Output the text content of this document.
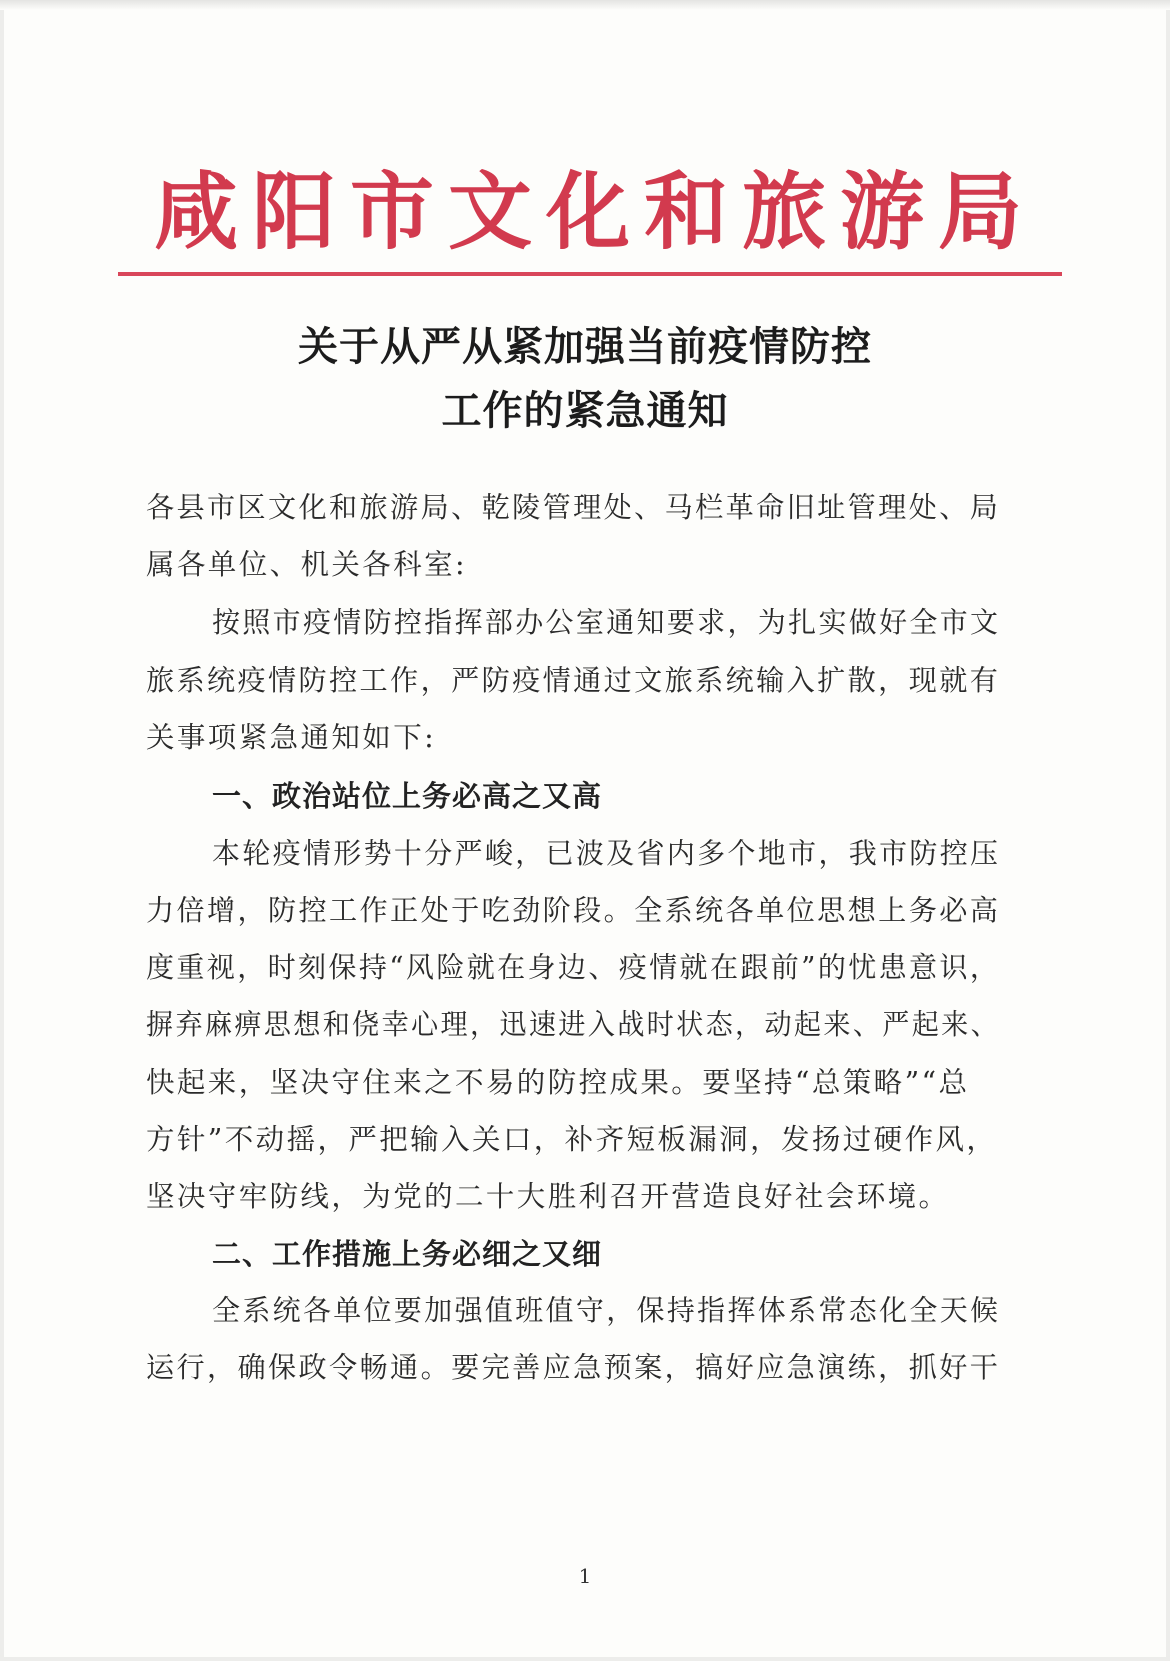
咸阳市文化和旅游局
关于从严从紧加强当前疫情防控
工作的紧急通知
各县市区文化和旅游局、乾陵管理处、马栏革命旧址管理处、局
属各单位、机关各科室:
按照市疫情防控指挥部办公室通知要求，为扎实做好全市文
旅系统疫情防控工作，严防疫情通过文旅系统输入扩散，现就有
关事项紧急通知如下:
一、政治站位上务必高之又高
本轮疫情形势十分严峻，已波及省内多个地市，我市防控压
力倍增，防控工作正处于吃劲阶段。全系统各单位思想上务必高
度重视，时刻保持“风险就在身边、疫情就在跟前”的忧患意识，
摒弃麻痹思想和侥幸心理，迅速进入战时状态，动起来、严起来、
快起来，坚决守住来之不易的防控成果。要坚持“总策略”“总
方针”不动摇，严把输入关口，补齐短板漏洞，发扬过硬作风，
坚决守牢防线，为党的二十大胜利召开营造良好社会环境。
二、工作措施上务必细之又细
全系统各单位要加强值班值守，保持指挥体系常态化全天候
运行，确保政令畅通。要完善应急预案，搞好应急演练，抓好干
1
